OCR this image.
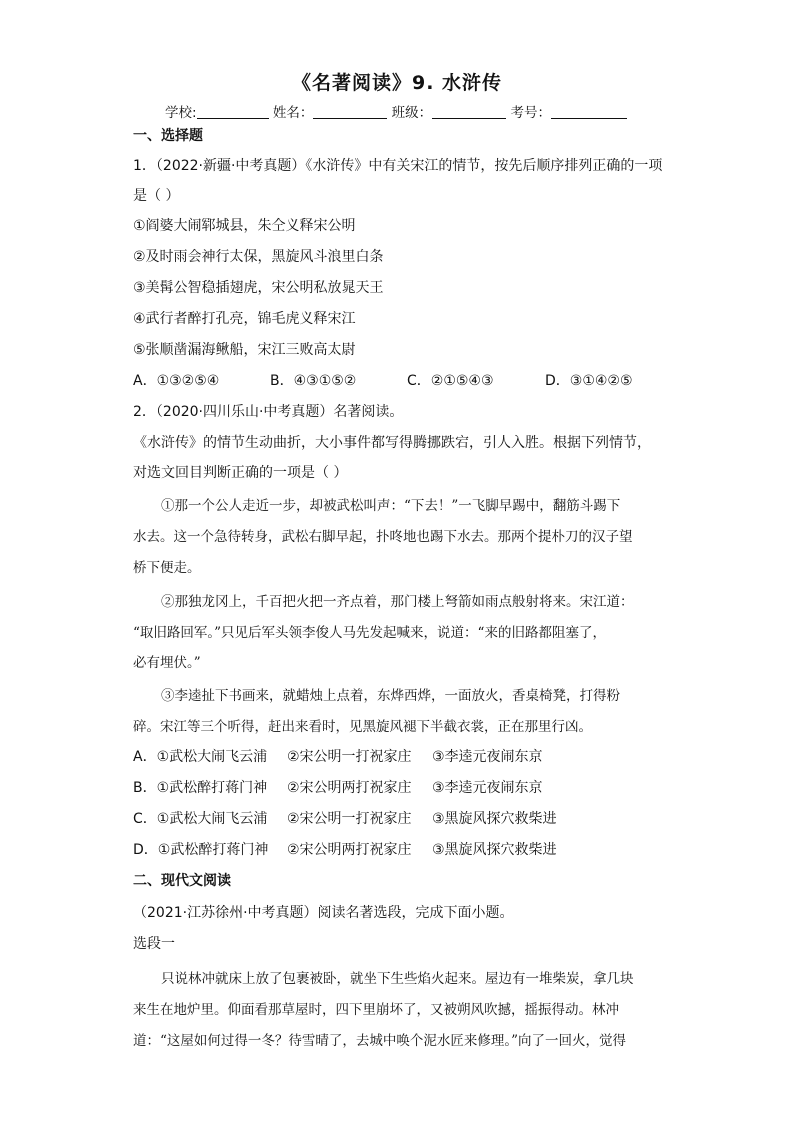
《名著阅读》9. 水浒传
学校:	姓名：	班级：	考号：
一、选择题
1．（2022·新疆·中考真题）《水浒传》中有关宋江的情节，按先后顺序排列正确的一项
是（ ）
①阎婆大闹郓城县，朱仝义释宋公明
②及时雨会神行太保，黑旋风斗浪里白条
③美髯公智稳插翅虎，宋公明私放晁天王
④武行者醉打孔亮，锦毛虎义释宋江
⑤张顺凿漏海鳅船，宋江三败高太尉
A．①③②⑤④	B．④③①⑤②	C．②①⑤④③	D．③①④②⑤
2．（2020·四川乐山·中考真题）名著阅读。
《水浒传》的情节生动曲折，大小事件都写得腾挪跌宕，引人入胜。根据下列情节，
对选文回目判断正确的一项是（ ）
①那一个公人走近一步，却被武松叫声：“下去！”一飞脚早踢中，翻筋斗踢下
水去。这一个急待转身，武松右脚早起，扑咚地也踢下水去。那两个提朴刀的汉子望
桥下便走。
②那独龙冈上，千百把火把一齐点着，那门楼上弩箭如雨点般射将来。宋江道：
“取旧路回军。”只见后军头领李俊人马先发起喊来，说道：“来的旧路都阻塞了，
必有埋伏。”
③李逵扯下书画来，就蜡烛上点着，东烨西烨，一面放火，香桌椅凳，打得粉
碎。宋江等三个听得，赶出来看时，见黑旋风褪下半截衣裳，正在那里行凶。
A．①武松大闹飞云浦 ②宋公明一打祝家庄 ③李逵元夜闹东京
B．①武松醉打蒋门神 ②宋公明两打祝家庄 ③李逵元夜闹东京
C．①武松大闹飞云浦 ②宋公明一打祝家庄 ③黑旋风探穴救柴进
D．①武松醉打蒋门神 ②宋公明两打祝家庄 ③黑旋风探穴救柴进
二、现代文阅读
（2021·江苏徐州·中考真题）阅读名著选段，完成下面小题。
选段一
只说林冲就床上放了包裹被卧，就坐下生些焰火起来。屋边有一堆柴炭，拿几块
来生在地炉里。仰面看那草屋时，四下里崩坏了，又被朔风吹撼，摇振得动。林冲
道：“这屋如何过得一冬？待雪晴了，去城中唤个泥水匠来修理。”向了一回火，觉得
